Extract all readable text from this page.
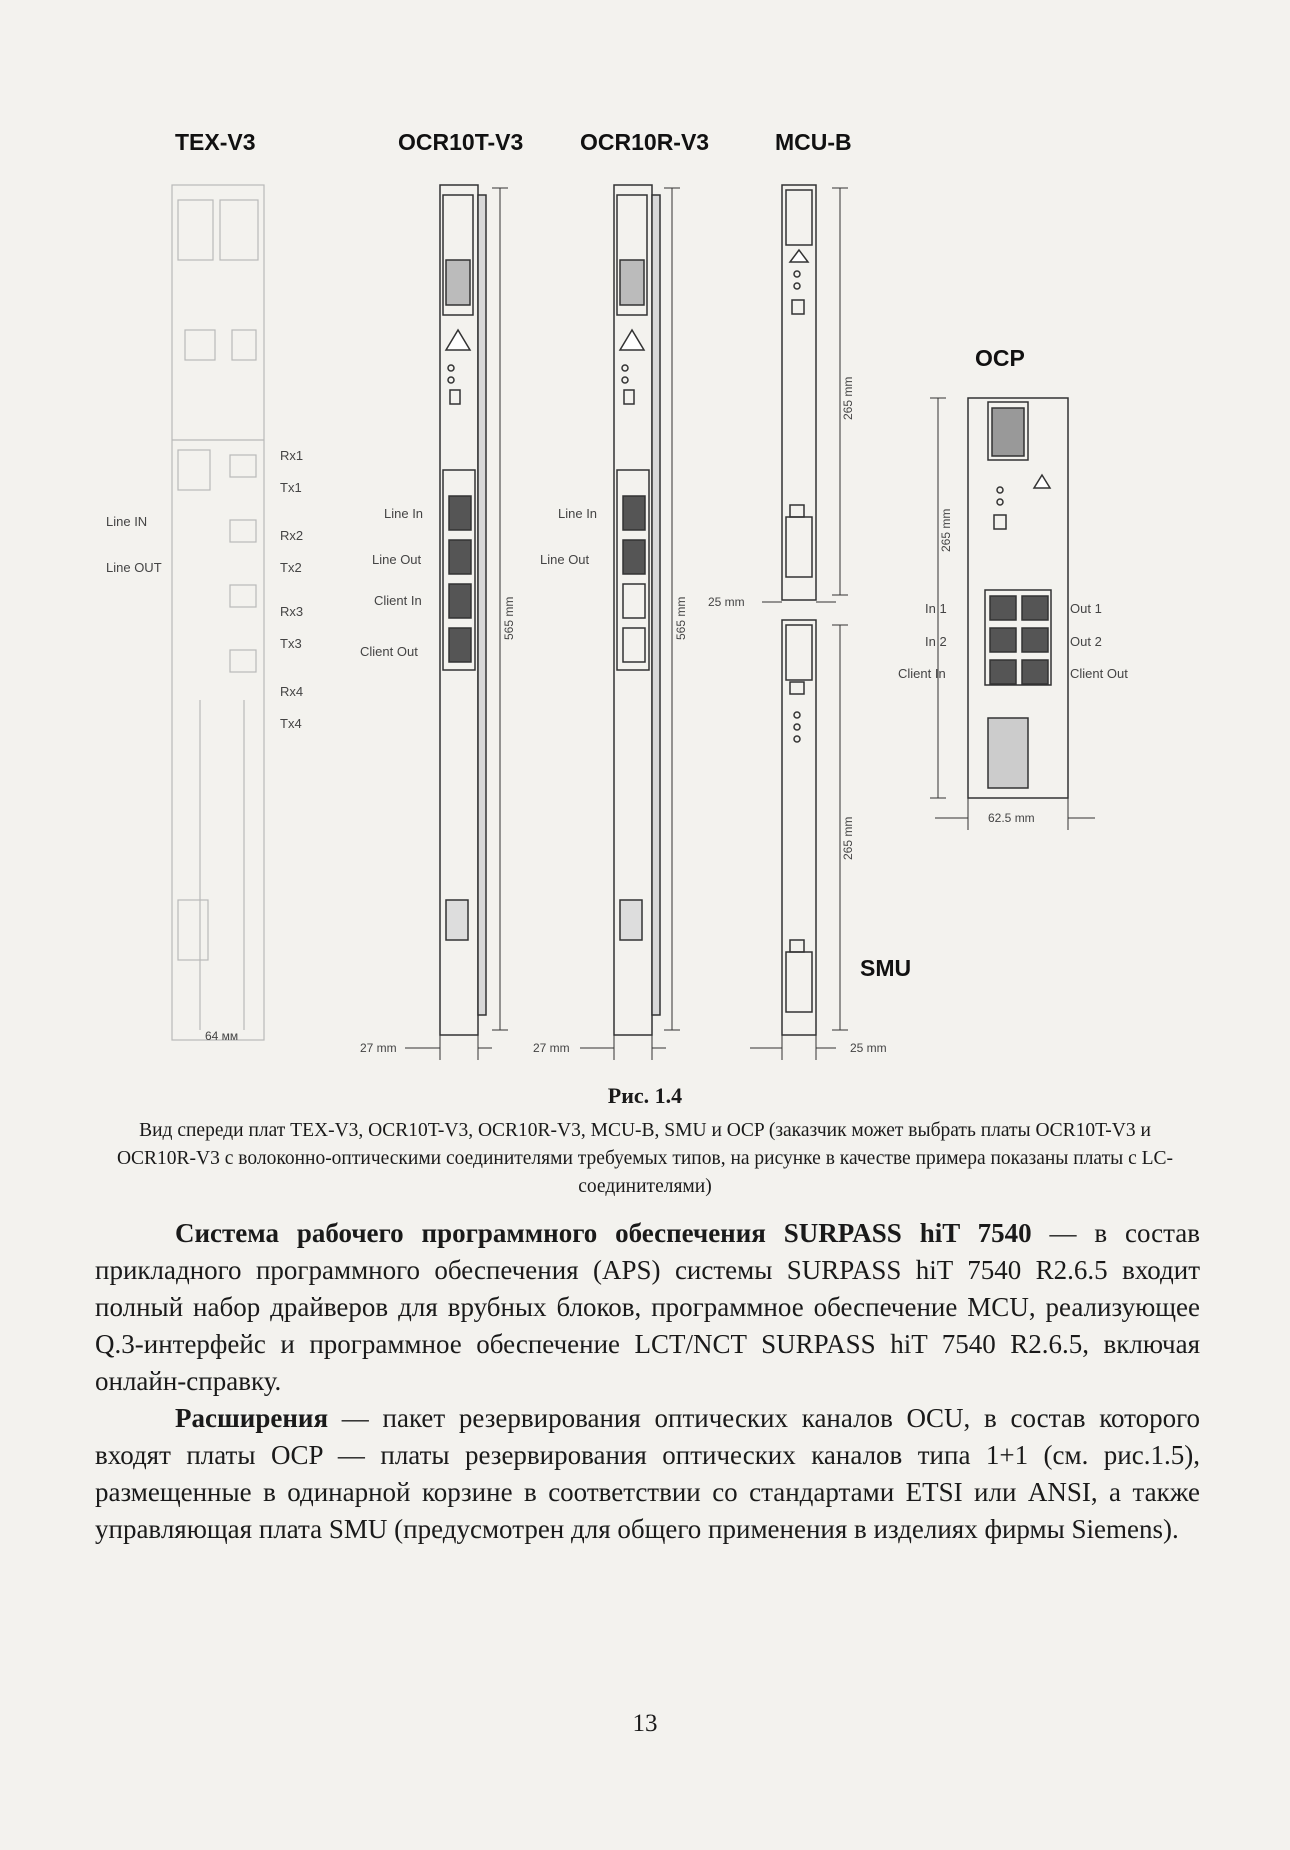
TEX-V3	OCR10T-V3 OCR10R-V3	MCU-B
OCP
SMU
Line IN
Line OUT
Rx1
Tx1
Rx2
Tx2
Rx3
Tx3
Rx4
Tx4
64 мм
Line In
Line Out
Client In
Client Out
565 mm
27 mm
Line In
Line Out
565 mm
27 mm
265 mm
25 mm
265 mm
25 mm
265 mm
In 1
In 2
Client In
Out 1
Out 2
Client Out
62.5 mm
Рис. 1.4
Вид спереди плат TEX-V3, OCR10T-V3, OCR10R-V3, MCU-B, SMU и OCP (заказчик может выбрать платы OCR10T-V3 и OCR10R-V3 с волоконно-оптическими соединителями требуемых типов, на рисунке в качестве примера показаны платы с LC-соединителями)

Система рабочего программного обеспечения SURPASS hiT 7540 — в состав прикладного программного обеспечения (APS) системы SURPASS hiT 7540 R2.6.5 входит полный набор драйверов для врубных блоков, программное обеспечение MCU, реализующее Q.3-интерфейс и программное обеспечение LCT/NCT SURPASS hiT 7540 R2.6.5, включая онлайн-справку.

Расширения — пакет резервирования оптических каналов OCU, в состав которого входят платы OCP — платы резервирования оптических каналов типа 1+1 (см. рис.1.5), размещенные в одинарной корзине в соответствии со стандартами ETSI или ANSI, а также управляющая плата SMU (предусмотрен для общего применения в изделиях фирмы Siemens).

13
